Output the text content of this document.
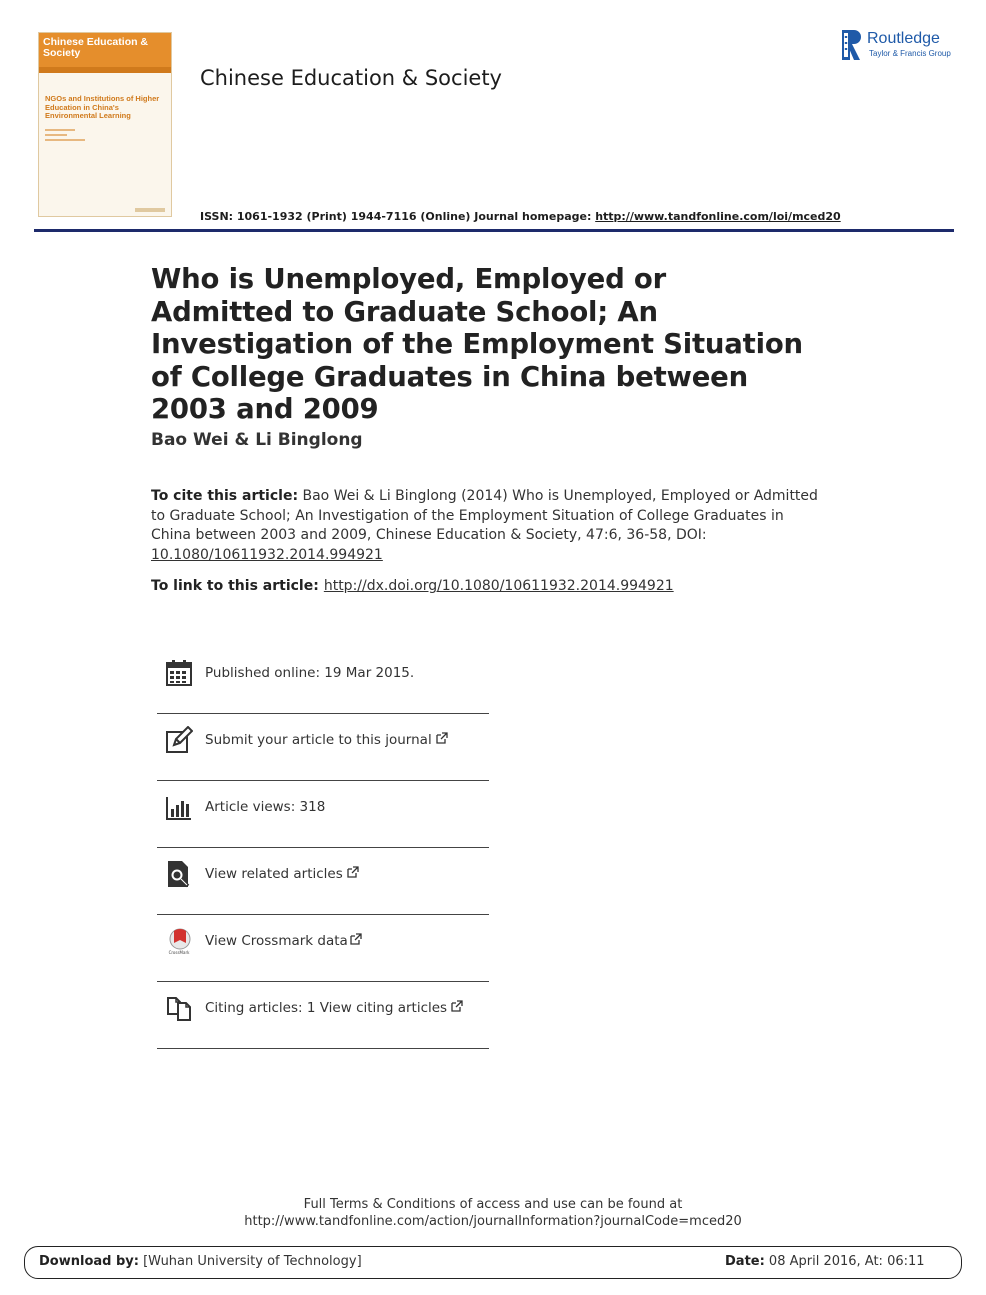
Chinese Education & Society
NGOs and Institutions of Higher Education in China's Environmental Learning
Chinese Education & Society
Routledge
Taylor & Francis Group
ISSN: 1061-1932 (Print) 1944-7116 (Online) Journal homepage: http://www.tandfonline.com/loi/mced20
Who is Unemployed, Employed or Admitted to Graduate School; An Investigation of the Employment Situation of College Graduates in China between 2003 and 2009
Bao Wei & Li Binglong
To cite this article: Bao Wei & Li Binglong (2014) Who is Unemployed, Employed or Admitted to Graduate School; An Investigation of the Employment Situation of College Graduates in China between 2003 and 2009, Chinese Education & Society, 47:6, 36-58, DOI: 10.1080/10611932.2014.994921
To link to this article: http://dx.doi.org/10.1080/10611932.2014.994921
Published online: 19 Mar 2015.
Submit your article to this journal
Article views: 318
View related articles
CrossMark
View Crossmark data
Citing articles: 1 View citing articles
Full Terms & Conditions of access and use can be found at
http://www.tandfonline.com/action/journalInformation?journalCode=mced20
Download by: [Wuhan University of Technology]	Date: 08 April 2016, At: 06:11
